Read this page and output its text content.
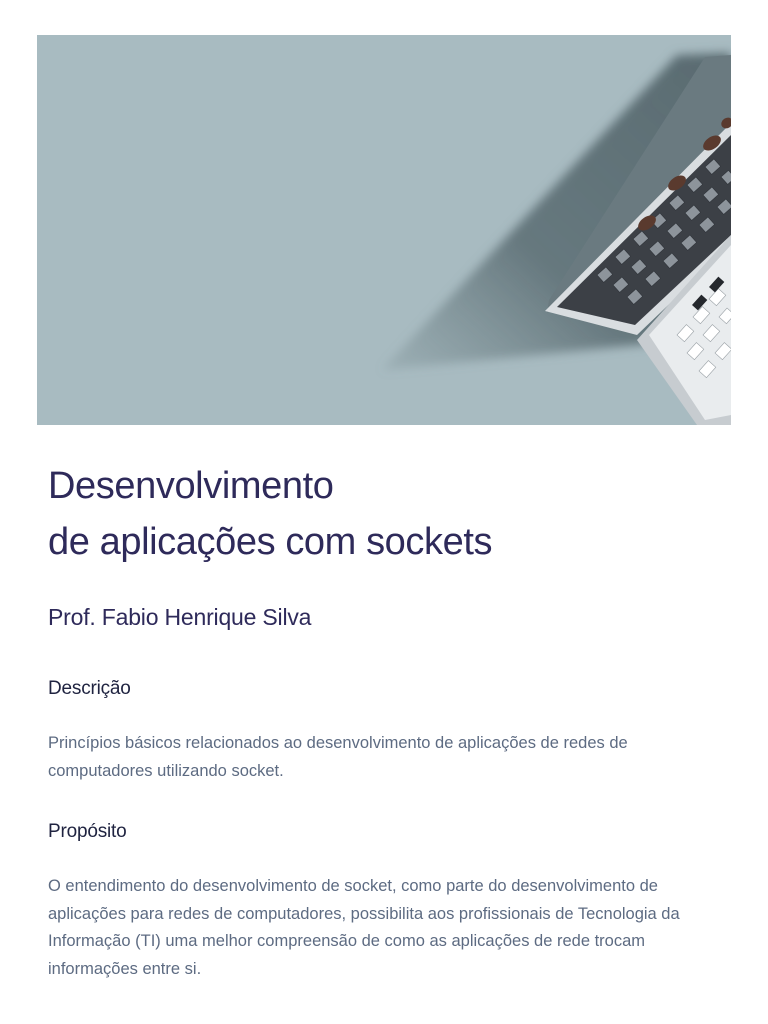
Desenvolvimento
de aplicações com sockets
Prof. Fabio Henrique Silva
Descrição
Princípios básicos relacionados ao desenvolvimento de aplicações de redes de computadores utilizando socket.
Propósito
O entendimento do desenvolvimento de socket, como parte do desenvolvimento de aplicações para redes de computadores, possibilita aos profissionais de Tecnologia da Informação (TI) uma melhor compreensão de como as aplicações de rede trocam informações entre si.
